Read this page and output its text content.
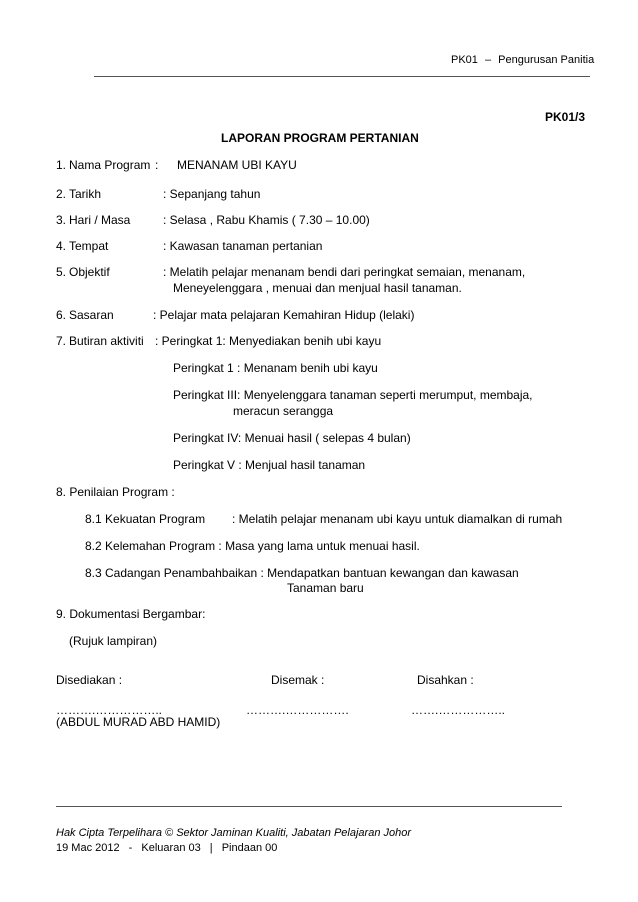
PK01 – Pengurusan Panitia
PK01/3
LAPORAN PROGRAM PERTANIAN
1. Nama Program : MENANAM UBI KAYU
2. Tarikh	: Sepanjang tahun
3. Hari / Masa	: Selasa , Rabu Khamis ( 7.30 – 10.00)
4. Tempat	: Kawasan tanaman pertanian
5. Objektif	: Melatih pelajar menanam bendi dari peringkat semaian, menanam,
Meneyelenggara , menuai dan menjual hasil tanaman.
6. Sasaran	: Pelajar mata pelajaran Kemahiran Hidup (lelaki)
7. Butiran aktiviti : Peringkat 1: Menyediakan benih ubi kayu
Peringkat 1 : Menanam benih ubi kayu
Peringkat III: Menyelenggara tanaman seperti merumput, membaja,
meracun serangga
Peringkat IV: Menuai hasil ( selepas 4 bulan)
Peringkat V : Menjual hasil tanaman
8. Penilaian Program :
8.1 Kekuatan Program : Melatih pelajar menanam ubi kayu untuk diamalkan di rumah
8.2 Kelemahan Program : Masa yang lama untuk menuai hasil.
8.3 Cadangan Penambahbaikan : Mendapatkan bantuan kewangan dan kawasan
Tanaman baru
9. Dokumentasi Bergambar:
(Rujuk lampiran)
Disediakan :	Disemak :	Disahkan :
……….……………..	……….…………….	…….……………..
(ABDUL MURAD ABD HAMID)
Hak Cipta Terpelihara © Sektor Jaminan Kualiti, Jabatan Pelajaran Johor
19 Mac 2012 - Keluaran 03 | Pindaan 00
